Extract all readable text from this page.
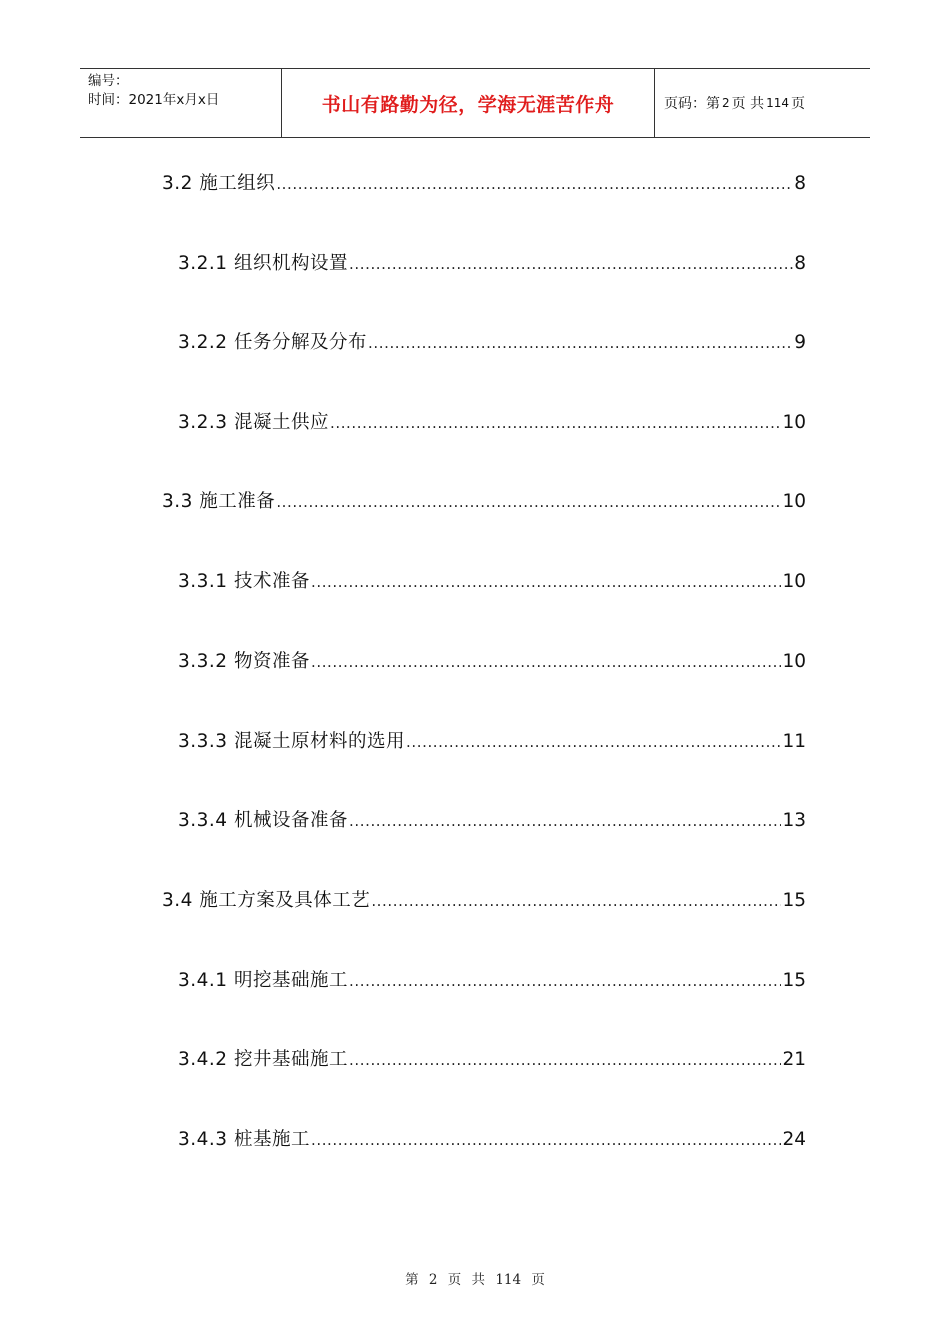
编号：
时间：2021年x月x日	书山有路勤为径，学海无涯苦作舟	页码：第 2 页 共 114 页
3.2 施工组织 .....	8
3.2.1 组织机构设置 .....	8
3.2.2 任务分解及分布 .....	9
3.2.3 混凝土供应 .....	10
3.3 施工准备 .....	10
3.3.1 技术准备 .....	10
3.3.2 物资准备 .....	10
3.3.3 混凝土原材料的选用 .....	11
3.3.4 机械设备准备 .....	13
3.4 施工方案及具体工艺 .....	15
3.4.1 明挖基础施工 .....	15
3.4.2 挖井基础施工 .....	21
3.4.3 桩基施工 .....	24
第 2 页 共 114 页
